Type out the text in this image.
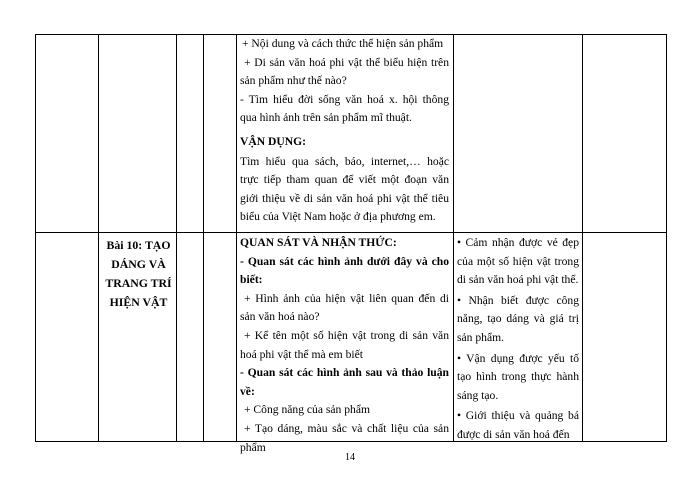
+ Nội dung và cách thức thể hiện sản phẩm

+ Di sản văn hoá phi vật thể biểu hiện trên sản phẩm như thế nào?

- Tìm hiểu đời sống văn hoá x. hội thông qua hình ảnh trên sản phẩm mĩ thuật.

VẬN DỤNG:

Tìm hiểu qua sách, báo, internet,… hoặc trực tiếp tham quan để viết một đoạn văn giới thiệu về di sản văn hoá phi vật thể tiêu biểu của Việt Nam hoặc ở địa phương em.

Bài 10: TẠO DÁNG VÀ TRANG TRÍ HIỆN VẬT

QUAN SÁT VÀ NHẬN THỨC:

- Quan sát các hình ảnh dưới đây và cho biết:

+ Hình ảnh của hiện vật liên quan đến di sản văn hoá nào?

+ Kể tên một số hiện vật trong di sản văn hoá phi vật thể mà em biết

- Quan sát các hình ảnh sau và thảo luận về:

+ Công năng của sản phẩm

+ Tạo dáng, màu sắc và chất liệu của sản phẩm

• Cảm nhận được vẻ đẹp của một số hiện vật trong di sản văn hoá phi vật thể.

• Nhận biết được công năng, tạo dáng và giá trị sản phẩm.

• Vận dụng được yếu tố tạo hình trong thực hành sáng tạo.

• Giới thiệu và quảng bá được di sản văn hoá đến

14
